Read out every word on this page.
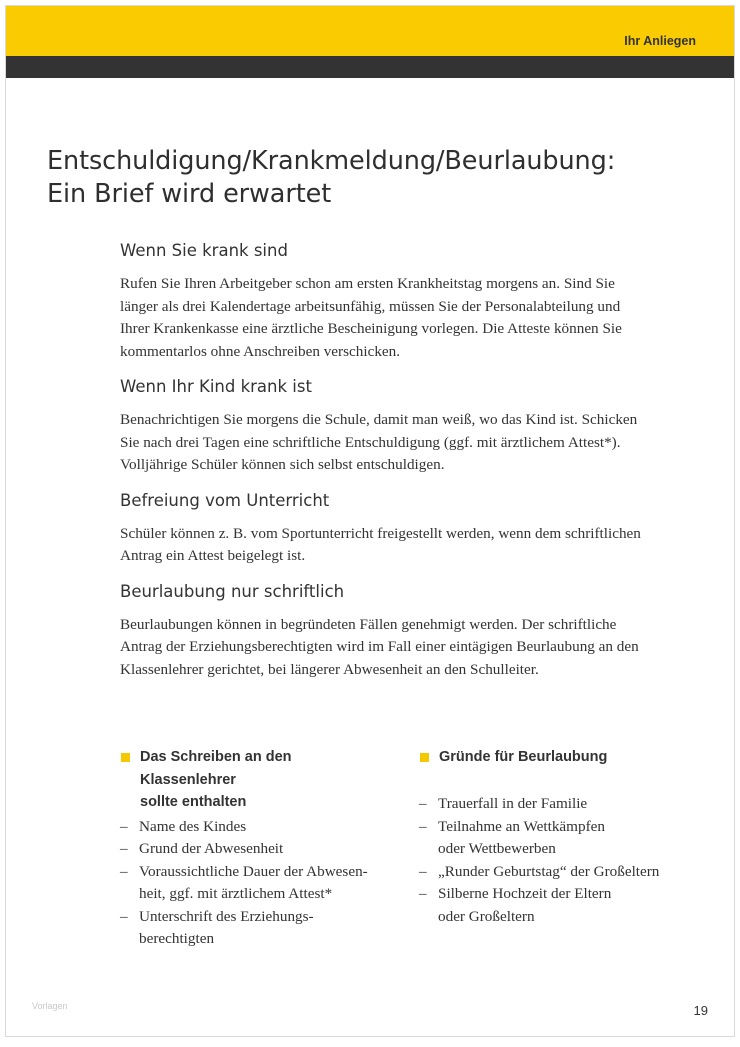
Ihr Anliegen
Entschuldigung/Krankmeldung/Beurlaubung:
Ein Brief wird erwartet
Wenn Sie krank sind

Rufen Sie Ihren Arbeitgeber schon am ersten Krankheitstag morgens an. Sind Sie
länger als drei Kalendertage arbeitsunfähig, müssen Sie der Personalabteilung und
Ihrer Krankenkasse eine ärztliche Bescheinigung vorlegen. Die Atteste können Sie
kommentarlos ohne Anschreiben verschicken.

Wenn Ihr Kind krank ist

Benachrichtigen Sie morgens die Schule, damit man weiß, wo das Kind ist. Schicken
Sie nach drei Tagen eine schriftliche Entschuldigung (ggf. mit ärztlichem Attest*).
Volljährige Schüler können sich selbst entschuldigen.

Befreiung vom Unterricht

Schüler können z. B. vom Sportunterricht freigestellt werden, wenn dem schriftlichen
Antrag ein Attest beigelegt ist.

Beurlaubung nur schriftlich

Beurlaubungen können in begründeten Fällen genehmigt werden. Der schriftliche
Antrag der Erziehungsberechtigten wird im Fall einer eintägigen Beurlaubung an den
Klassenlehrer gerichtet, bei längerer Abwesenheit an den Schulleiter.

Das Schreiben an den Klassenlehrer
sollte enthalten
– Name des Kindes
– Grund der Abwesenheit
– Voraussichtliche Dauer der Abwesen-
heit, ggf. mit ärztlichem Attest*
– Unterschrift des Erziehungs-
berechtigten
Gründe für Beurlaubung

– Trauerfall in der Familie
– Teilnahme an Wettkämpfen
oder Wettbewerben
– „Runder Geburtstag“ der Großeltern
– Silberne Hochzeit der Eltern
oder Großeltern
Vorlagen	19
